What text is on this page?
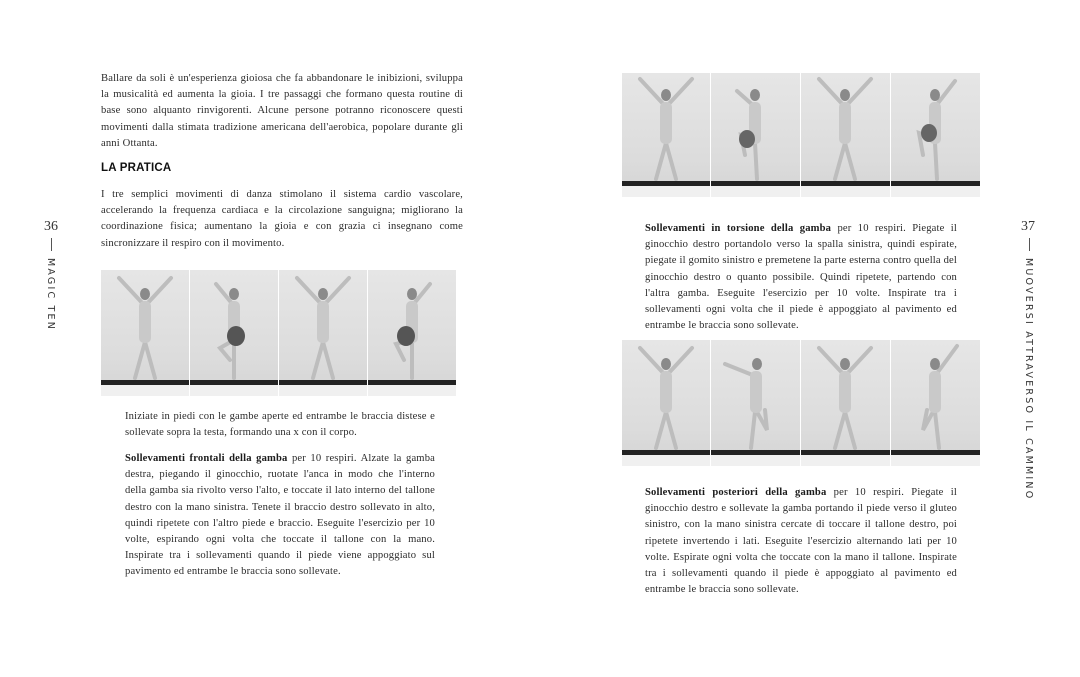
36
MAGIC TEN
Ballare da soli è un'esperienza gioiosa che fa abbandonare le inibizioni, sviluppa la musicalità ed aumenta la gioia. I tre passaggi che formano questa routine di base sono alquanto rinvigorenti. Alcune persone potranno riconoscere questi movimenti dalla stimata tradizione americana dell'aerobica, popolare durante gli anni Ottanta.
LA PRATICA
I tre semplici movimenti di danza stimolano il sistema cardio vascolare, accelerando la frequenza cardiaca e la circolazione sanguigna; migliorano la coordinazione fisica; aumentano la gioia e con grazia ci insegnano come sincronizzare il respiro con il movimento.
Iniziate in piedi con le gambe aperte ed entrambe le braccia distese e sollevate sopra la testa, formando una x con il corpo.
Sollevamenti frontali della gamba per 10 respiri. Alzate la gamba destra, piegando il ginocchio, ruotate l'anca in modo che l'interno della gamba sia rivolto verso l'alto, e toccate il lato interno del tallone destro con la mano sinistra. Tenete il braccio destro sollevato in alto, quindi ripetete con l'altro piede e braccio. Eseguite l'esercizio per 10 volte, espirando ogni volta che toccate il tallone con la mano. Inspirate tra i sollevamenti quando il piede viene appoggiato sul pavimento ed entrambe le braccia sono sollevate.
37
MUOVERSI ATTRAVERSO IL CAMMINO
Sollevamenti in torsione della gamba per 10 respiri. Piegate il ginocchio destro portandolo verso la spalla sinistra, quindi espirate, piegate il gomito sinistro e premetene la parte esterna contro quella del ginocchio destro o quanto possibile. Quindi ripetete, partendo con l'altra gamba. Eseguite l'esercizio per 10 volte. Inspirate tra i sollevamenti ogni volta che il piede è appoggiato al pavimento ed entrambe le braccia sono sollevate.
Sollevamenti posteriori della gamba per 10 respiri. Piegate il ginocchio destro e sollevate la gamba portando il piede verso il gluteo sinistro, con la mano sinistra cercate di toccare il tallone destro, poi ripetete invertendo i lati. Eseguite l'esercizio alternando lati per 10 volte. Espirate ogni volta che toccate con la mano il tallone. Inspirate tra i sollevamenti quando il piede è appoggiato al pavimento ed entrambe le braccia sono sollevate.
